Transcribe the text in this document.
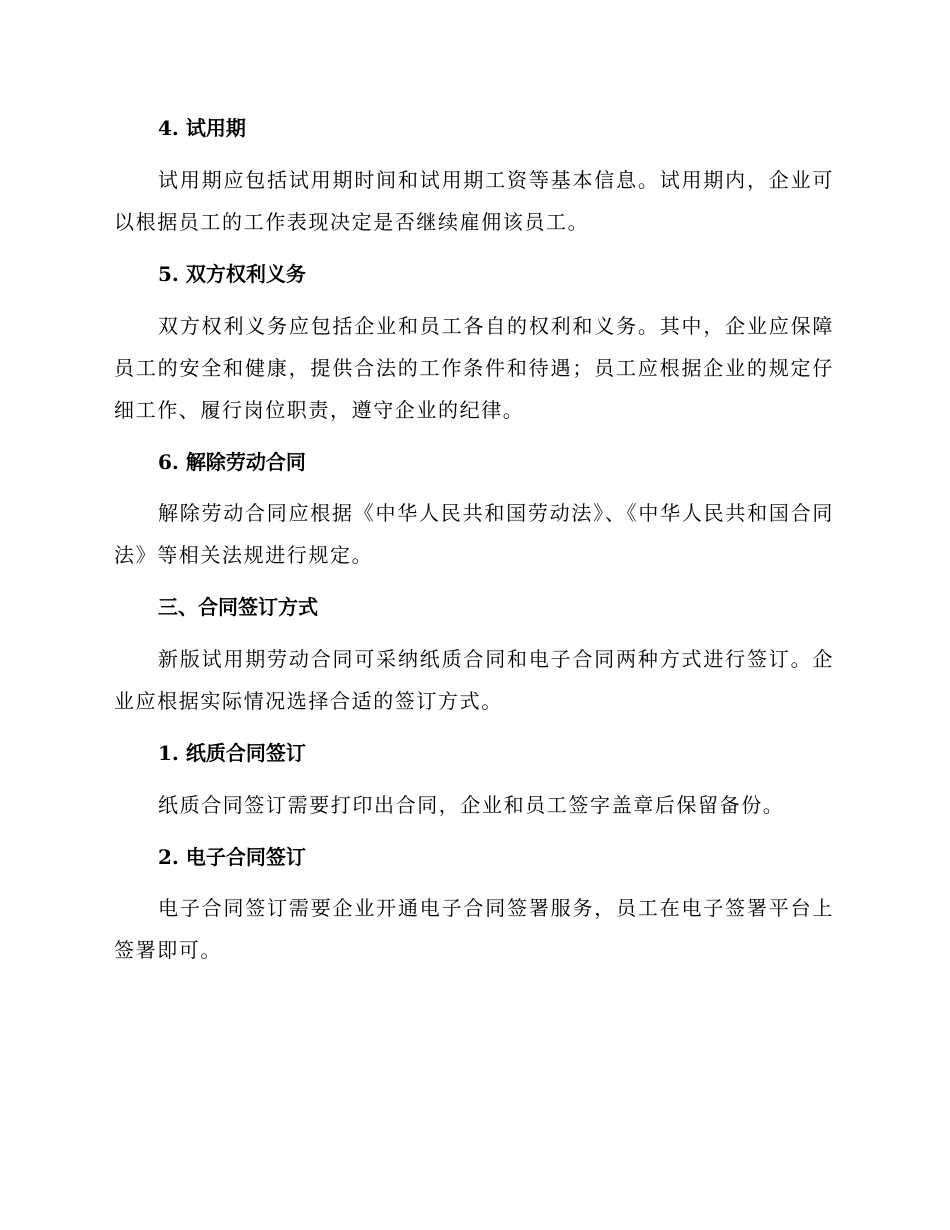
4. 试用期
试用期应包括试用期时间和试用期工资等基本信息。试用期内，企业可以根据员工的工作表现决定是否继续雇佣该员工。
5. 双方权利义务
双方权利义务应包括企业和员工各自的权利和义务。其中，企业应保障员工的安全和健康，提供合法的工作条件和待遇；员工应根据企业的规定仔细工作、履行岗位职责，遵守企业的纪律。
6. 解除劳动合同
解除劳动合同应根据《中华人民共和国劳动法》、《中华人民共和国合同法》等相关法规进行规定。
三、合同签订方式
新版试用期劳动合同可采纳纸质合同和电子合同两种方式进行签订。企业应根据实际情况选择合适的签订方式。
1. 纸质合同签订
纸质合同签订需要打印出合同，企业和员工签字盖章后保留备份。
2. 电子合同签订
电子合同签订需要企业开通电子合同签署服务，员工在电子签署平台上签署即可。
